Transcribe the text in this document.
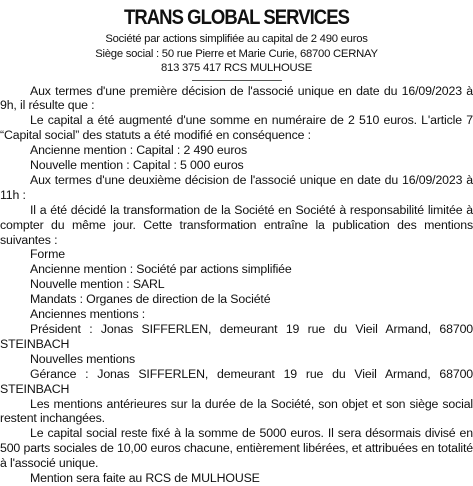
TRANS GLOBAL SERVICES
Société par actions simplifiée au capital de 2 490 euros
Siège social : 50 rue Pierre et Marie Curie, 68700 CERNAY
813 375 417 RCS MULHOUSE

Aux termes d'une première décision de l'associé unique en date du 16/09/2023 à 9h, il résulte que :

Le capital a été augmenté d'une somme en numéraire de 2 510 euros. L'article 7 “Capital social” des statuts a été modifié en conséquence :

Ancienne mention : Capital : 2 490 euros

Nouvelle mention : Capital : 5 000 euros

Aux termes d'une deuxième décision de l'associé unique en date du 16/09/2023 à 11h :

Il a été décidé la transformation de la Société en Société à responsabilité limitée à compter du même jour. Cette transformation entraîne la publication des mentions suivantes :

Forme

Ancienne mention : Société par actions simplifiée

Nouvelle mention : SARL

Mandats : Organes de direction de la Société

Anciennes mentions :

Président : Jonas SIFFERLEN, demeurant 19 rue du Vieil Armand, 68700 STEINBACH

Nouvelles mentions

Gérance : Jonas SIFFERLEN, demeurant 19 rue du Vieil Armand, 68700 STEINBACH

Les mentions antérieures sur la durée de la Société, son objet et son siège social restent inchangées.

Le capital social reste fixé à la somme de 5000 euros. Il sera désormais divisé en 500 parts sociales de 10,00 euros chacune, entièrement libérées, et attribuées en totalité à l'associé unique.

Mention sera faite au RCS de MULHOUSE
